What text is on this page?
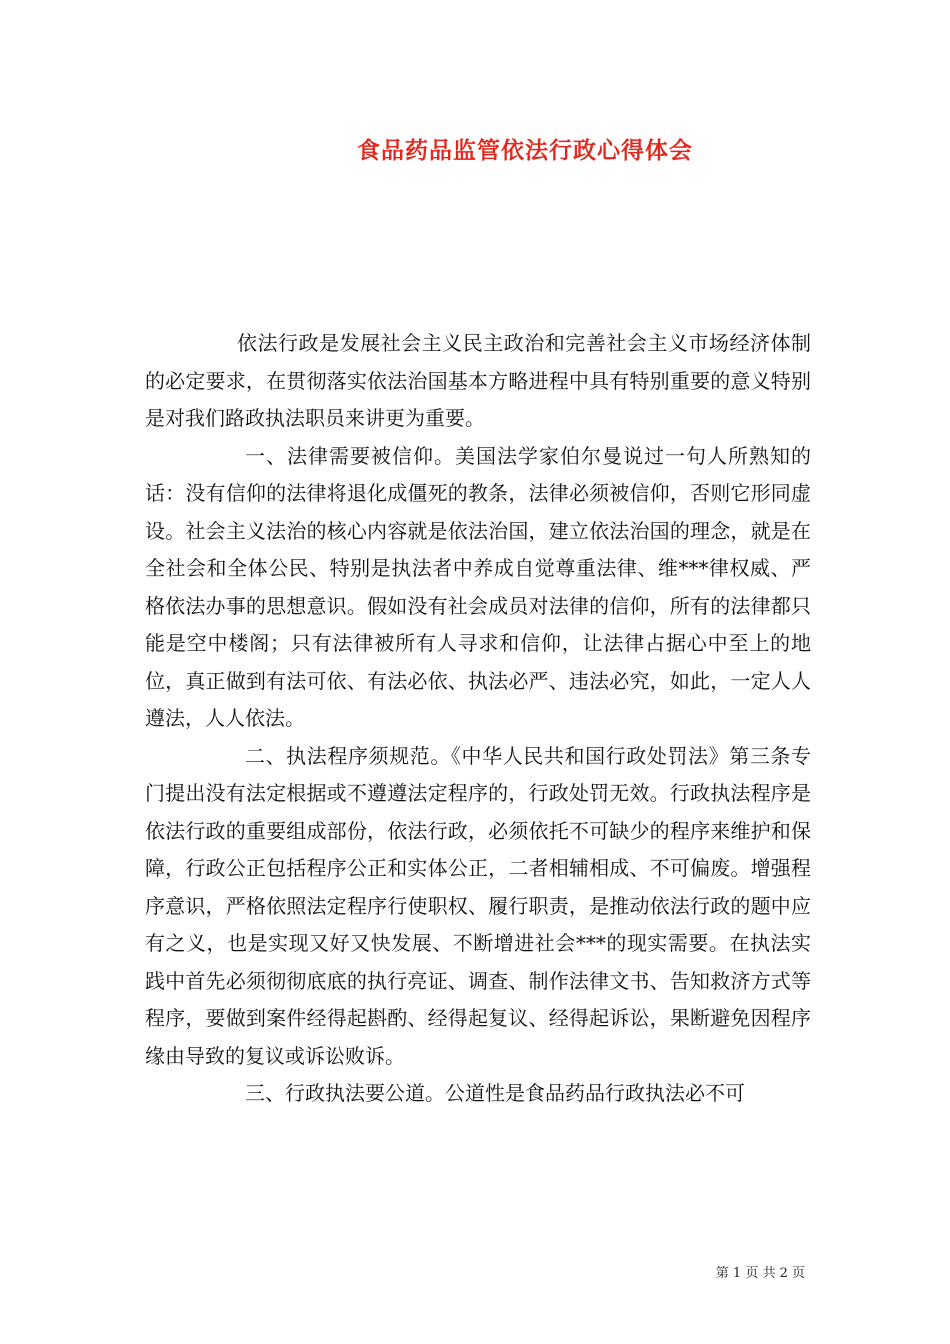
食品药品监管依法行政心得体会

依法行政是发展社会主义民主政治和完善社会主义市场经济体制的必定要求，在贯彻落实依法治国基本方略进程中具有特别重要的意义特别是对我们路政执法职员来讲更为重要。

一、法律需要被信仰。美国法学家伯尔曼说过一句人所熟知的话：没有信仰的法律将退化成僵死的教条，法律必须被信仰，否则它形同虚设。社会主义法治的核心内容就是依法治国，建立依法治国的理念，就是在全社会和全体公民、特别是执法者中养成自觉尊重法律、维***律权威、严格依法办事的思想意识。假如没有社会成员对法律的信仰，所有的法律都只能是空中楼阁；只有法律被所有人寻求和信仰，让法律占据心中至上的地位，真正做到有法可依、有法必依、执法必严、违法必究，如此，一定人人遵法，人人依法。

二、执法程序须规范。《中华人民共和国行政处罚法》第三条专门提出没有法定根据或不遵遵法定程序的，行政处罚无效。行政执法程序是依法行政的重要组成部份，依法行政，必须依托不可缺少的程序来维护和保障，行政公正包括程序公正和实体公正，二者相辅相成、不可偏废。增强程序意识，严格依照法定程序行使职权、履行职责，是推动依法行政的题中应有之义，也是实现又好又快发展、不断增进社会***的现实需要。在执法实践中首先必须彻彻底底的执行亮证、调查、制作法律文书、告知救济方式等程序，要做到案件经得起斟酌、经得起复议、经得起诉讼，果断避免因程序缘由导致的复议或诉讼败诉。

三、行政执法要公道。公道性是食品药品行政执法必不可

第 1 页 共 2 页
